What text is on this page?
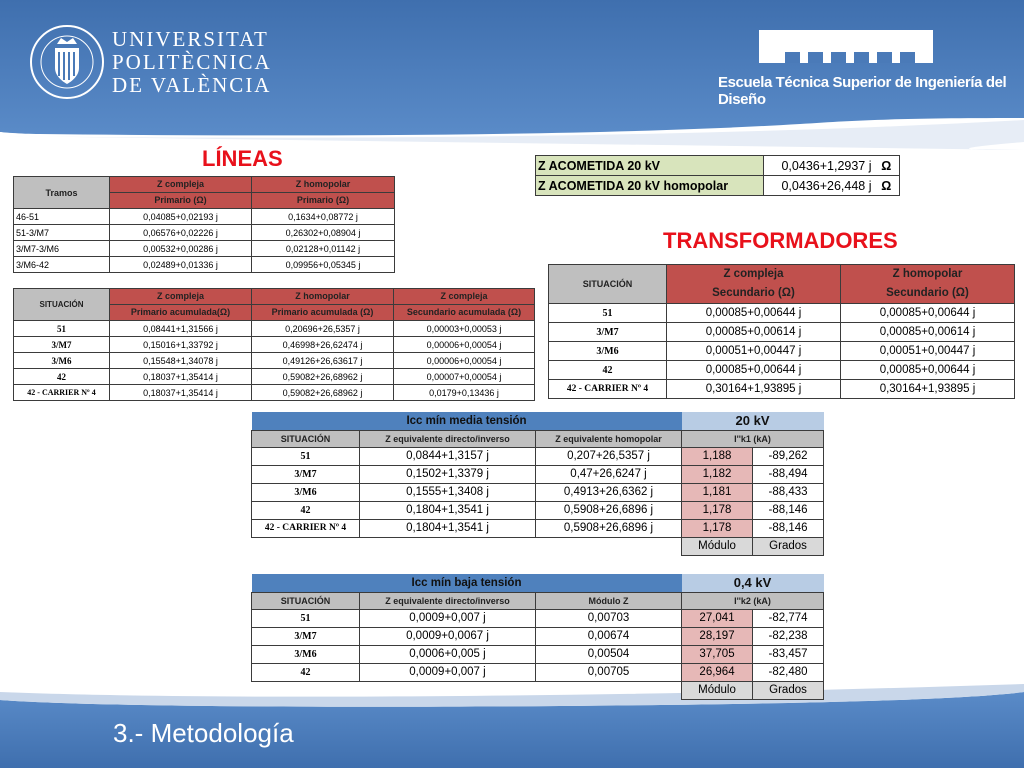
UNIVERSITAT
POLITÈCNICA
DE VALÈNCIA	Escuela Técnica Superior de Ingeniería del Diseño
LÍNEAS
Tramos	Z compleja	Z homopolar
	Primario (Ω)	Primario (Ω)
46-51	0,04085+0,02193 j	0,1634+0,08772 j
51-3/M7	0,06576+0,02226 j	0,26302+0,08904 j
3/M7-3/M6	0,00532+0,00286 j	0,02128+0,01142 j
3/M6-42	0,02489+0,01336 j	0,09956+0,05345 j
SITUACIÓN	Z compleja	Z homopolar	Z compleja
	Primario acumulada(Ω)	Primario acumulada (Ω)	Secundario acumulada (Ω)
51	0,08441+1,31566 j	0,20696+26,5357 j	0,00003+0,00053 j
3/M7	0,15016+1,33792 j	0,46998+26,62474 j	0,00006+0,00054 j
3/M6	0,15548+1,34078 j	0,49126+26,63617 j	0,00006+0,00054 j
42	0,18037+1,35414 j	0,59082+26,68962 j	0,00007+0,00054 j
42 - CARRIER Nº 4	0,18037+1,35414 j	0,59082+26,68962 j	0,0179+0,13436 j
Z ACOMETIDA 20 kV	0,0436+1,2937 j	Ω
Z ACOMETIDA 20 kV homopolar	0,0436+26,448 j	Ω
TRANSFORMADORES
SITUACIÓN	Z compleja	Z homopolar
	Secundario (Ω)	Secundario (Ω)
51	0,00085+0,00644 j	0,00085+0,00644 j
3/M7	0,00085+0,00614 j	0,00085+0,00614 j
3/M6	0,00051+0,00447 j	0,00051+0,00447 j
42	0,00085+0,00644 j	0,00085+0,00644 j
42 - CARRIER Nº 4	0,30164+1,93895 j	0,30164+1,93895 j
Icc mín media tensión			20 kV	
SITUACIÓN	Z equivalente directo/inverso	Z equivalente homopolar	I''k1 (kA)	
51	0,0844+1,3157 j	0,207+26,5357 j	1,188	-89,262
3/M7	0,1502+1,3379 j	0,47+26,6247 j	1,182	-88,494
3/M6	0,1555+1,3408 j	0,4913+26,6362 j	1,181	-88,433
42	0,1804+1,3541 j	0,5908+26,6896 j	1,178	-88,146
42 - CARRIER Nº 4	0,1804+1,3541 j	0,5908+26,6896 j	1,178	-88,146
			Módulo	Grados
Icc mín baja tensión			0,4 kV	
SITUACIÓN	Z equivalente directo/inverso	Módulo Z	I''k2 (kA)	
51	0,0009+0,007 j	0,00703	27,041	-82,774
3/M7	0,0009+0,0067 j	0,00674	28,197	-82,238
3/M6	0,0006+0,005 j	0,00504	37,705	-83,457
42	0,0009+0,007 j	0,00705	26,964	-82,480
			Módulo	Grados
3.- Metodología
